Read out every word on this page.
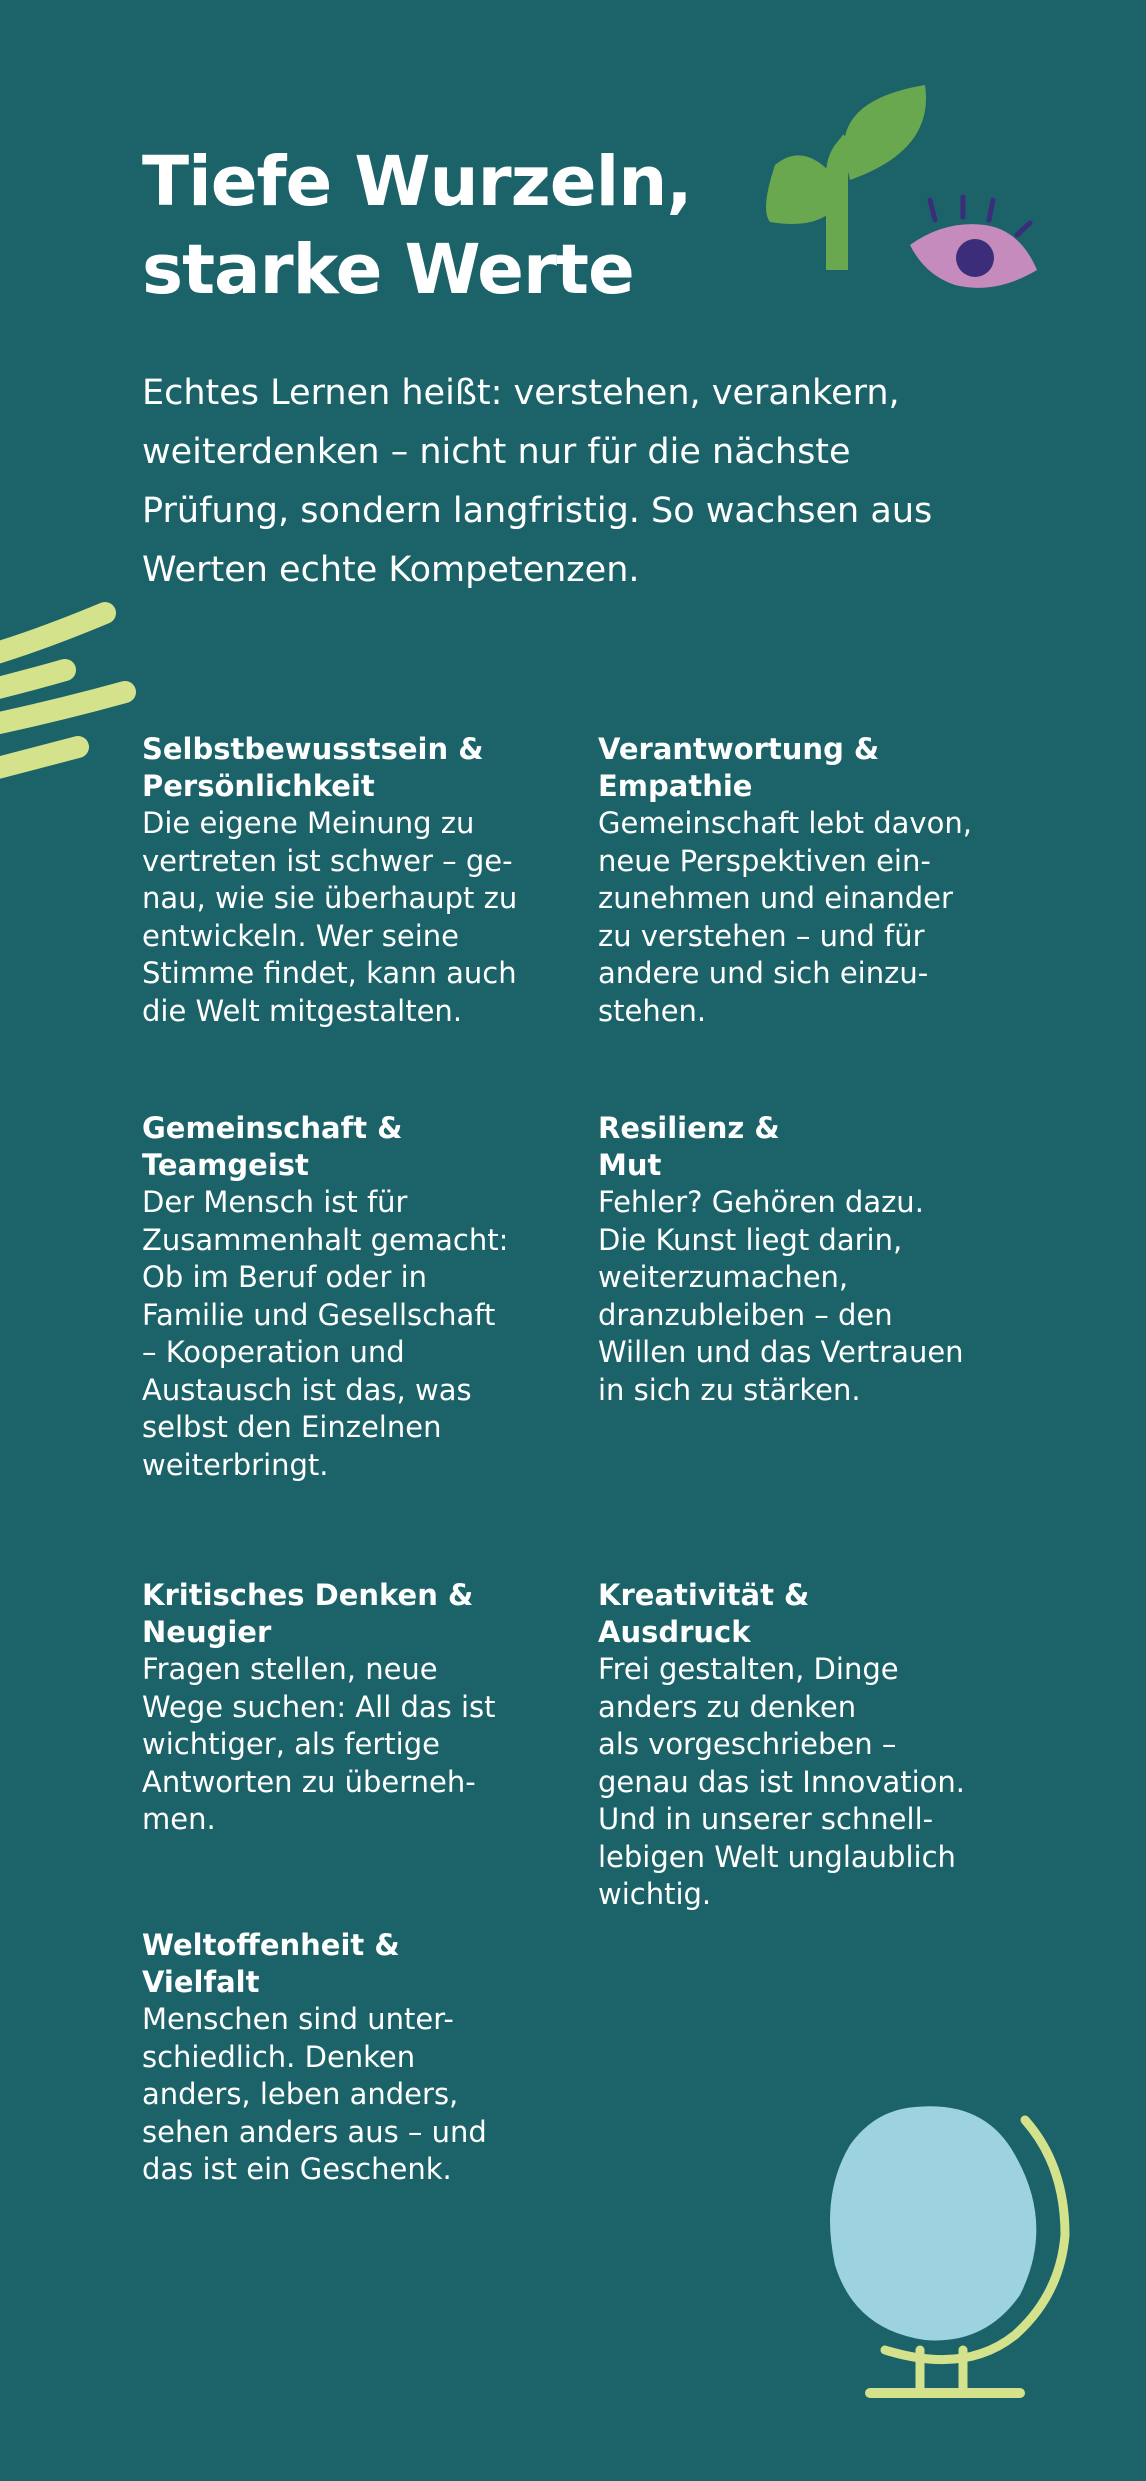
Tiefe Wurzeln,
starke Werte
Echtes Lernen heißt: verstehen, verankern,
weiterdenken – nicht nur für die nächste
Prüfung, sondern langfristig. So wachsen aus
Werten echte Kompetenzen.
Selbstbewusstsein &
Persönlichkeit

Die eigene Meinung zu
vertreten ist schwer – ge-
nau, wie sie überhaupt zu
entwickeln. Wer seine
Stimme findet, kann auch
die Welt mitgestalten.

Verantwortung &
Empathie

Gemeinschaft lebt davon,
neue Perspektiven ein-
zunehmen und einander
zu verstehen – und für
andere und sich einzu-
stehen.

Gemeinschaft &
Teamgeist

Der Mensch ist für
Zusammenhalt gemacht:
Ob im Beruf oder in
Familie und Gesellschaft
– Kooperation und
Austausch ist das, was
selbst den Einzelnen
weiterbringt.

Resilienz &
Mut

Fehler? Gehören dazu.
Die Kunst liegt darin,
weiterzumachen,
dranzubleiben – den
Willen und das Vertrauen
in sich zu stärken.

Kritisches Denken &
Neugier

Fragen stellen, neue
Wege suchen: All das ist
wichtiger, als fertige
Antworten zu überneh-
men.

Kreativität &
Ausdruck

Frei gestalten, Dinge
anders zu denken
als vorgeschrieben –
genau das ist Innovation.
Und in unserer schnell-
lebigen Welt unglaublich
wichtig.

Weltoffenheit &
Vielfalt

Menschen sind unter-
schiedlich. Denken
anders, leben anders,
sehen anders aus – und
das ist ein Geschenk.
